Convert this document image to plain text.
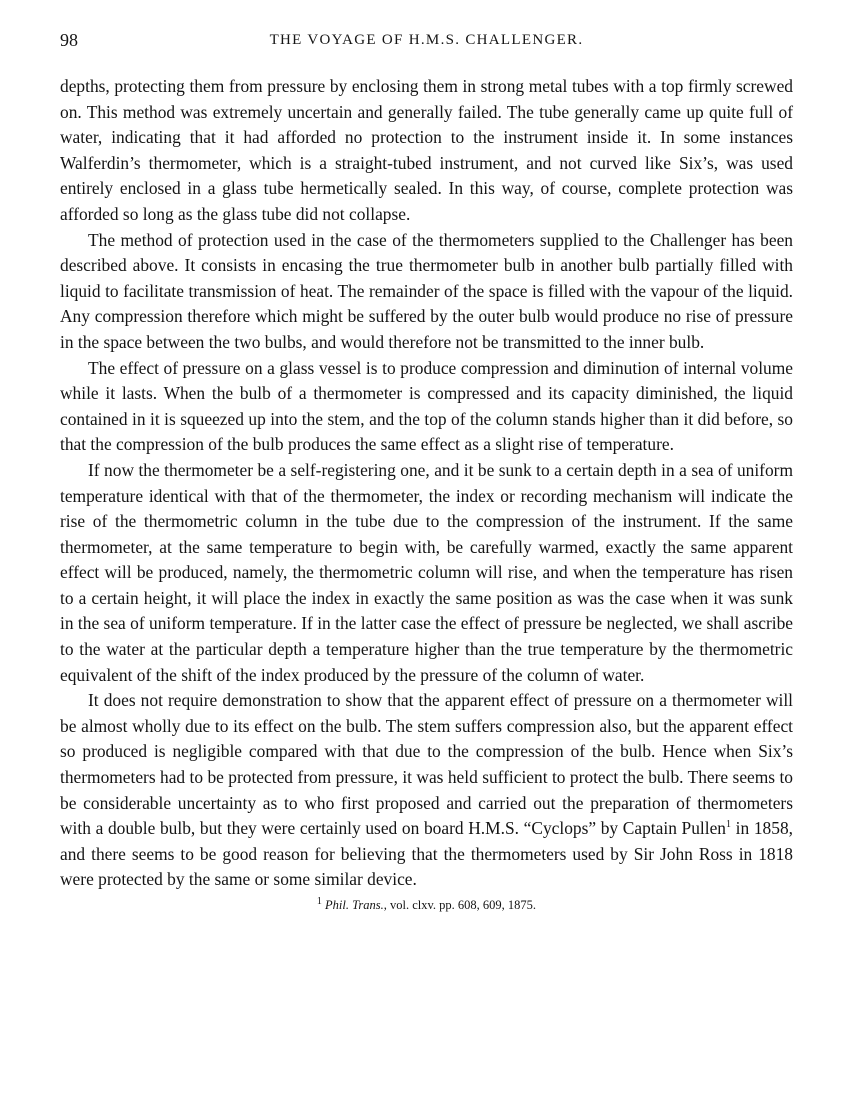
98	THE VOYAGE OF H.M.S. CHALLENGER.

depths, protecting them from pressure by enclosing them in strong metal tubes with a top firmly screwed on. This method was extremely uncertain and generally failed. The tube generally came up quite full of water, indicating that it had afforded no protection to the instrument inside it. In some instances Walferdin’s thermometer, which is a straight-tubed instrument, and not curved like Six’s, was used entirely enclosed in a glass tube hermetically sealed. In this way, of course, complete protection was afforded so long as the glass tube did not collapse.

The method of protection used in the case of the thermometers supplied to the Challenger has been described above. It consists in encasing the true thermometer bulb in another bulb partially filled with liquid to facilitate transmission of heat. The remainder of the space is filled with the vapour of the liquid. Any compression therefore which might be suffered by the outer bulb would produce no rise of pressure in the space between the two bulbs, and would therefore not be transmitted to the inner bulb.

The effect of pressure on a glass vessel is to produce compression and diminution of internal volume while it lasts. When the bulb of a thermometer is compressed and its capacity diminished, the liquid contained in it is squeezed up into the stem, and the top of the column stands higher than it did before, so that the compression of the bulb produces the same effect as a slight rise of temperature.

If now the thermometer be a self-registering one, and it be sunk to a certain depth in a sea of uniform temperature identical with that of the thermometer, the index or recording mechanism will indicate the rise of the thermometric column in the tube due to the compression of the instrument. If the same thermometer, at the same temperature to begin with, be carefully warmed, exactly the same apparent effect will be produced, namely, the thermometric column will rise, and when the temperature has risen to a certain height, it will place the index in exactly the same position as was the case when it was sunk in the sea of uniform temperature. If in the latter case the effect of pressure be neglected, we shall ascribe to the water at the particular depth a temperature higher than the true temperature by the thermometric equivalent of the shift of the index produced by the pressure of the column of water.

It does not require demonstration to show that the apparent effect of pressure on a thermometer will be almost wholly due to its effect on the bulb. The stem suffers compression also, but the apparent effect so produced is negligible compared with that due to the compression of the bulb. Hence when Six’s thermometers had to be protected from pressure, it was held sufficient to protect the bulb. There seems to be considerable uncertainty as to who first proposed and carried out the preparation of thermometers with a double bulb, but they were certainly used on board H.M.S. “Cyclops” by Captain Pullen$^1$ in 1858, and there seems to be good reason for believing that the thermometers used by Sir John Ross in 1818 were protected by the same or some similar device.

$^1$ Phil. Trans., vol. clxv. pp. 608, 609, 1875.
